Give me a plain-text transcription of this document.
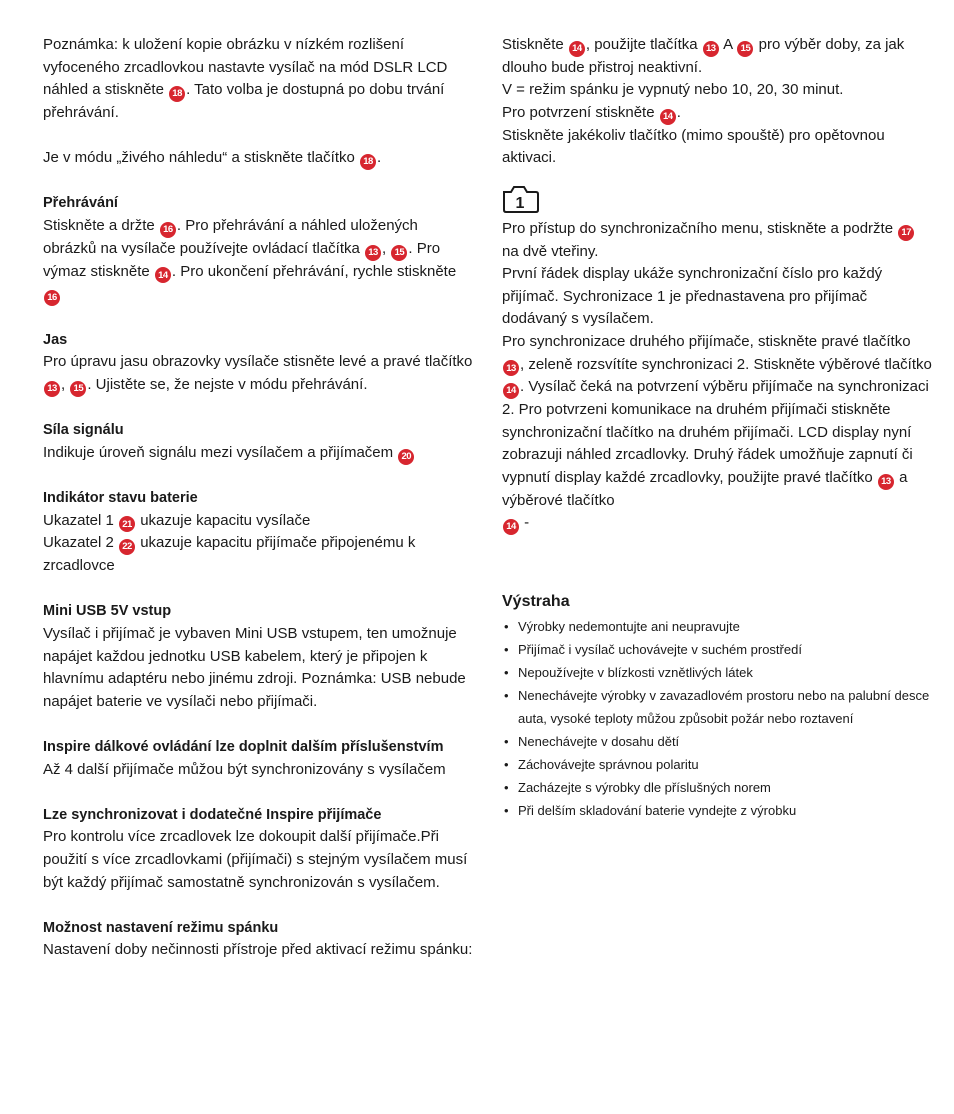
Poznámka: k uložení kopie obrázku v nízkém rozlišení vyfoceného zrcadlovkou nastavte vysílač na mód DSLR LCD náhled a stiskněte 18 . Tato volba je dostupná po dobu trvání přehrávání.

Je v módu „živého náhledu“ a stiskněte tlačítko 18 .

Přehrávání

Stiskněte a držte 16 . Pro přehrávání a náhled uložených obrázků na vysílače používejte ovládací tlačítka 13 , 15 . Pro výmaz stiskněte 14 . Pro ukončení přehrávání, rychle stiskněte 16

Jas

Pro úpravu jasu obrazovky vysílače stisněte levé a pravé tlačítko 13 , 15 . Ujistěte se, že nejste v módu přehrávání.

Síla signálu

Indikuje úroveň signálu mezi vysílačem a přijímačem 20

Indikátor stavu baterie

Ukazatel 1 21 ukazuje kapacitu vysílače

Ukazatel 2 22 ukazuje kapacitu přijímače připojenému k zrcadlovce

Mini USB 5V vstup

Vysílač i přijímač je vybaven Mini USB vstupem, ten umožnuje napájet každou jednotku USB kabelem, který je připojen k hlavnímu adaptéru nebo jinému zdroji. Poznámka: USB nebude napájet baterie ve vysílači nebo přijímači.

Inspire dálkové ovládání lze doplnit dalším příslušenstvím

Až 4 další přijímače můžou být synchronizovány s vysílačem

Lze synchronizovat i dodatečné Inspire přijímače

Pro kontrolu více zrcadlovek lze dokoupit další přijímače.Při použití s více zrcadlovkami (přijímači) s stejným vysílačem musí být každý přijímač samostatně synchronizován s vysílačem.

Možnost nastavení režimu spánku

Nastavení doby nečinnosti přístroje před aktivací režimu spánku:

Stiskněte 14 , použijte tlačítka 13 A 15 pro výběr doby, za jak dlouho bude přistroj neaktivní.

V = režim spánku je vypnutý nebo 10, 20, 30 minut.

Pro potvrzení stiskněte 14 .

Stiskněte jakékoliv tlačítko (mimo spouště) pro opětovnou aktivaci.

1

Pro přístup do synchronizačního menu, stiskněte a podržte 17 na dvě vteřiny.

První řádek display ukáže synchronizační číslo pro každý přijímač. Sychronizace 1 je přednastavena pro přijímač dodávaný s vysílačem.

Pro synchronizace druhého přijímače, stiskněte pravé tlačítko 13 , zeleně rozsvítíte synchronizaci 2. Stiskněte výběrové tlačítko 14 . Vysílač čeká na potvrzení výběru přijímače na synchronizaci 2. Pro potvrzeni komunikace na druhém přijímači stiskněte synchronizační tlačítko na druhém přijímači. LCD display nyní zobrazuji náhled zrcadlovky. Druhý řádek umožňuje zapnutí či vypnutí display každé zrcadlovky, použijte pravé tlačítko 13 a výběrové tlačítko
14 -

Výstraha

• Výrobky nedemontujte ani neupravujte
• Přijímač i vysílač uchovávejte v suchém prostředí
• Nepoužívejte v blízkosti vznětlivých látek
• Nenechávejte výrobky v zavazadlovém prostoru nebo na palubní desce auta, vysoké teploty můžou způsobit požár nebo roztavení
• Nenechávejte v dosahu dětí
• Záchovávejte správnou polaritu
• Zacházejte s výrobky dle příslušných norem
• Při delším skladování baterie vyndejte z výrobku
